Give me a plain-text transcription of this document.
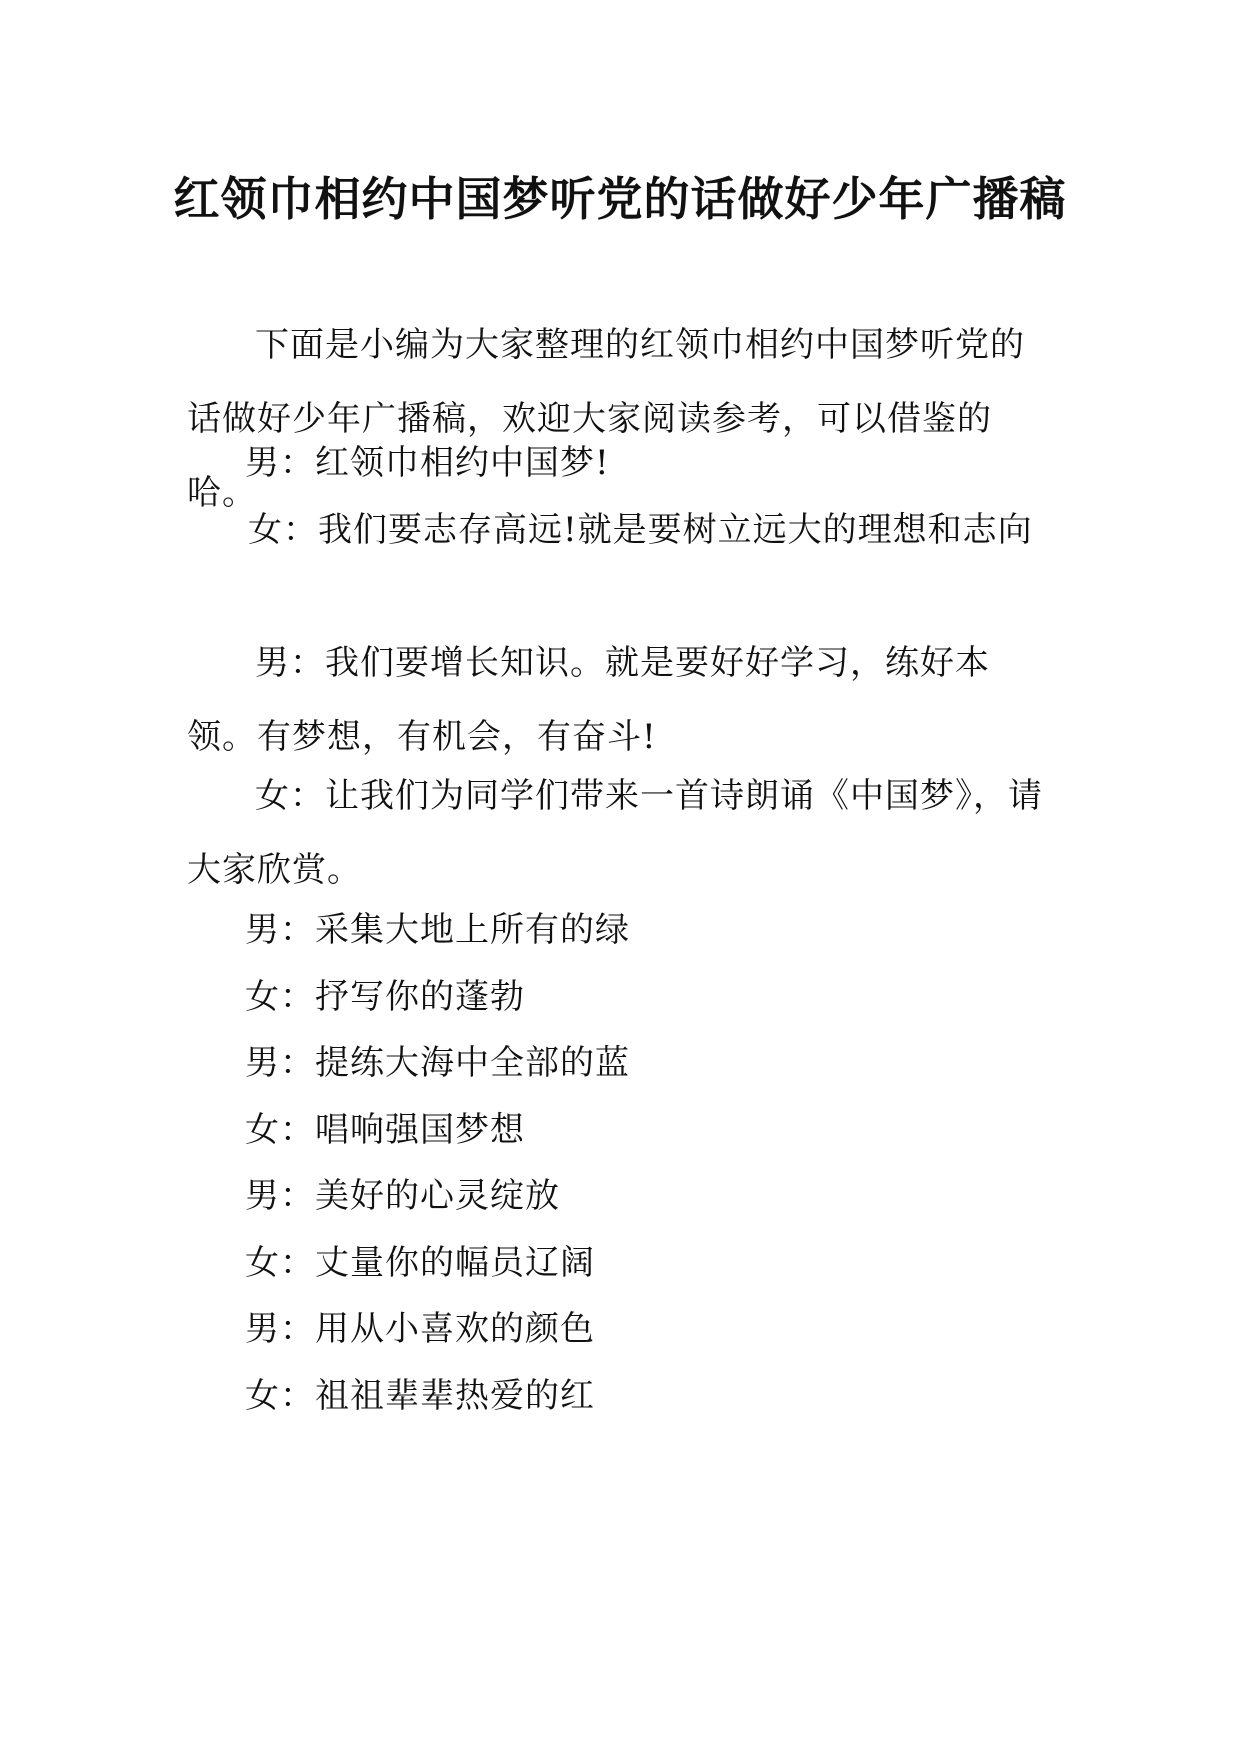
红领巾相约中国梦听党的话做好少年广播稿

下面是小编为大家整理的红领巾相约中国梦听党的话做好少年广播稿，欢迎大家阅读参考，可以借鉴的哈。

男：红领巾相约中国梦!

女：我们要志存高远!就是要树立远大的理想和志向

男：我们要增长知识。就是要好好学习，练好本领。有梦想，有机会，有奋斗!

女：让我们为同学们带来一首诗朗诵《中国梦》，请大家欣赏。

男：采集大地上所有的绿

女：抒写你的蓬勃

男：提练大海中全部的蓝

女：唱响强国梦想

男：美好的心灵绽放

女：丈量你的幅员辽阔

男：用从小喜欢的颜色

女：祖祖辈辈热爱的红
